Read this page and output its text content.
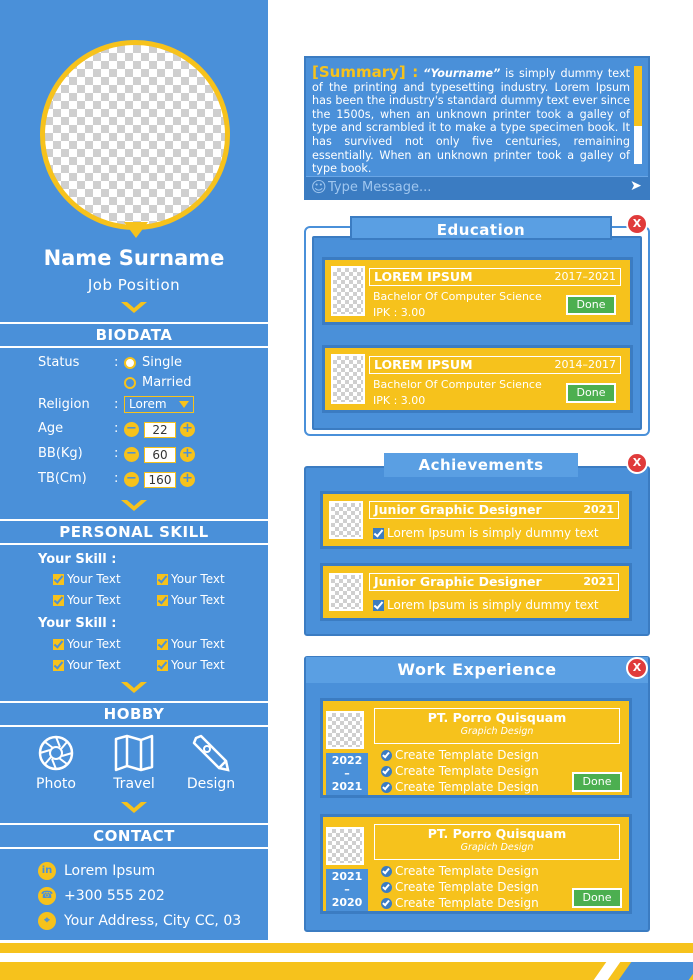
Name Surname
Job Position
BIODATA
Status	: Single
Married
Religion : Lorem
Age	: −	22	+
BB(Kg) : −	60	+
TB(Cm) : − 160 +
PERSONAL SKILL
Your Skill :
Your Text	Your Text
Your Text	Your Text
Your Skill :
Your Text	Your Text
Your Text	Your Text
HOBBY
Photo	Travel	Design
CONTACT
in Lorem Ipsum
☎ +300 555 202
⌖	Your Address, City CC, 03
[Summary] : “Yourname” is simply dummy text of the printing and typesetting industry. Lorem Ipsum has been the industry's standard dummy text ever since the 1500s, when an unknown printer took a galley of type and scrambled it to make a type specimen book. It has survived not only five centuries, remaining essentially. When an unknown printer took a galley of type book.
☺
Type Message...	➤
Education	X
LOREM IPSUM	2017–2021
Bachelor Of Computer Science
IPK : 3.00
Done
LOREM IPSUM	2014–2017
Bachelor Of Computer Science
IPK : 3.00
Done
Achievements	X
Junior Graphic Designer	2021
Lorem Ipsum is simply dummy text
Junior Graphic Designer	2021
Lorem Ipsum is simply dummy text
Work Experience	X
2022
–
2021
PT. Porro Quisquam
Grapich Design
Create Template Design
Create Template Design
Create Template Design	Done
2021
–
2020
PT. Porro Quisquam
Grapich Design
Create Template Design
Create Template Design
Create Template Design	Done
